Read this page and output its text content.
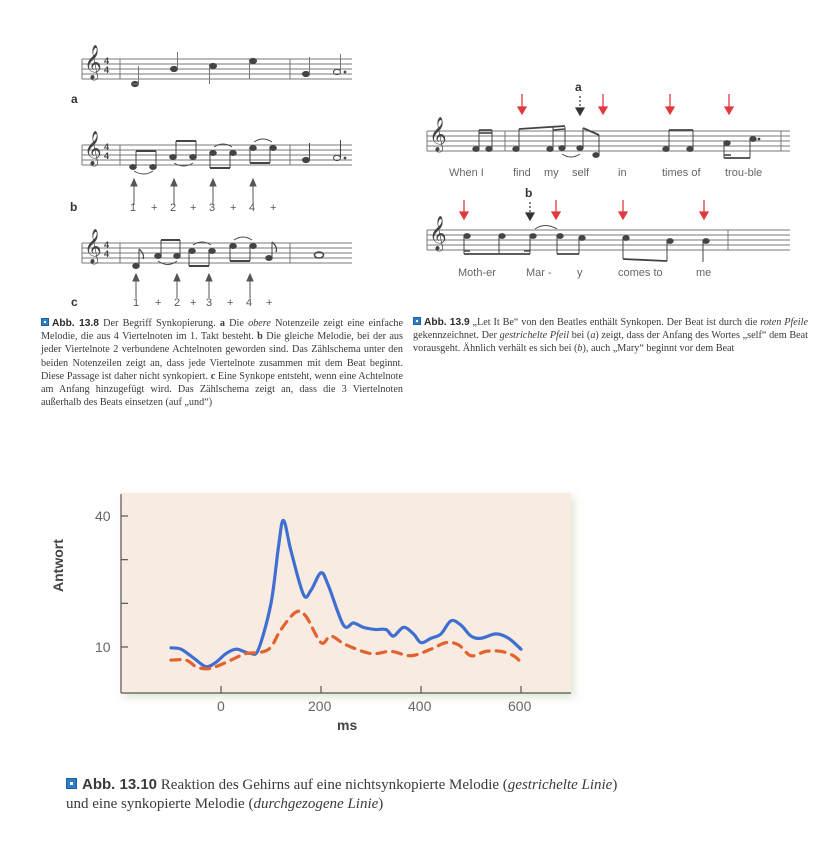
𝄞 4
4
a
𝄞 4
4
b	1 + 2 + 3 + 4 +
𝄞 4
4
c	1 + 2 + 3 + 4 +
Abb. 13.8 Der Begriff Synkopierung. a Die obere Notenzeile zeigt eine einfache Melodie, die aus 4 Viertelnoten im 1. Takt besteht. b Die gleiche Melodie, bei der aus jeder Viertelnote 2 verbundene Achtelnoten geworden sind. Das Zählschema unter den beiden Notenzeilen zeigt an, dass jede Viertelnote zusammen mit dem Beat beginnt. Diese Passage ist daher nicht synkopiert. c Eine Synkope entsteht, wenn eine Achtelnote am Anfang hinzugefügt wird. Das Zählschema zeigt an, dass die 3 Viertelnoten außerhalb des Beats einsetzen (auf „und“)
𝄞
𝄞
a
b
When I	find my self	in	times of trou-ble
Moth-er	Mar - y	comes to	me
Abb. 13.9 „Let It Be“ von den Beatles enthält Synkopen. Der Beat ist durch die roten Pfeile gekennzeichnet. Der gestrichelte Pfeil bei (a) zeigt, dass der Anfang des Wortes „self“ dem Beat vorausgeht. Ähnlich verhält es sich bei (b), auch „Mary“ beginnt vor dem Beat
Antwort
ms
40
10
0	200	400	600
Abb. 13.10 Reaktion des Gehirns auf eine nichtsynkopierte Melodie (gestrichelte Linie) und eine synkopierte Melodie (durchgezogene Linie)
